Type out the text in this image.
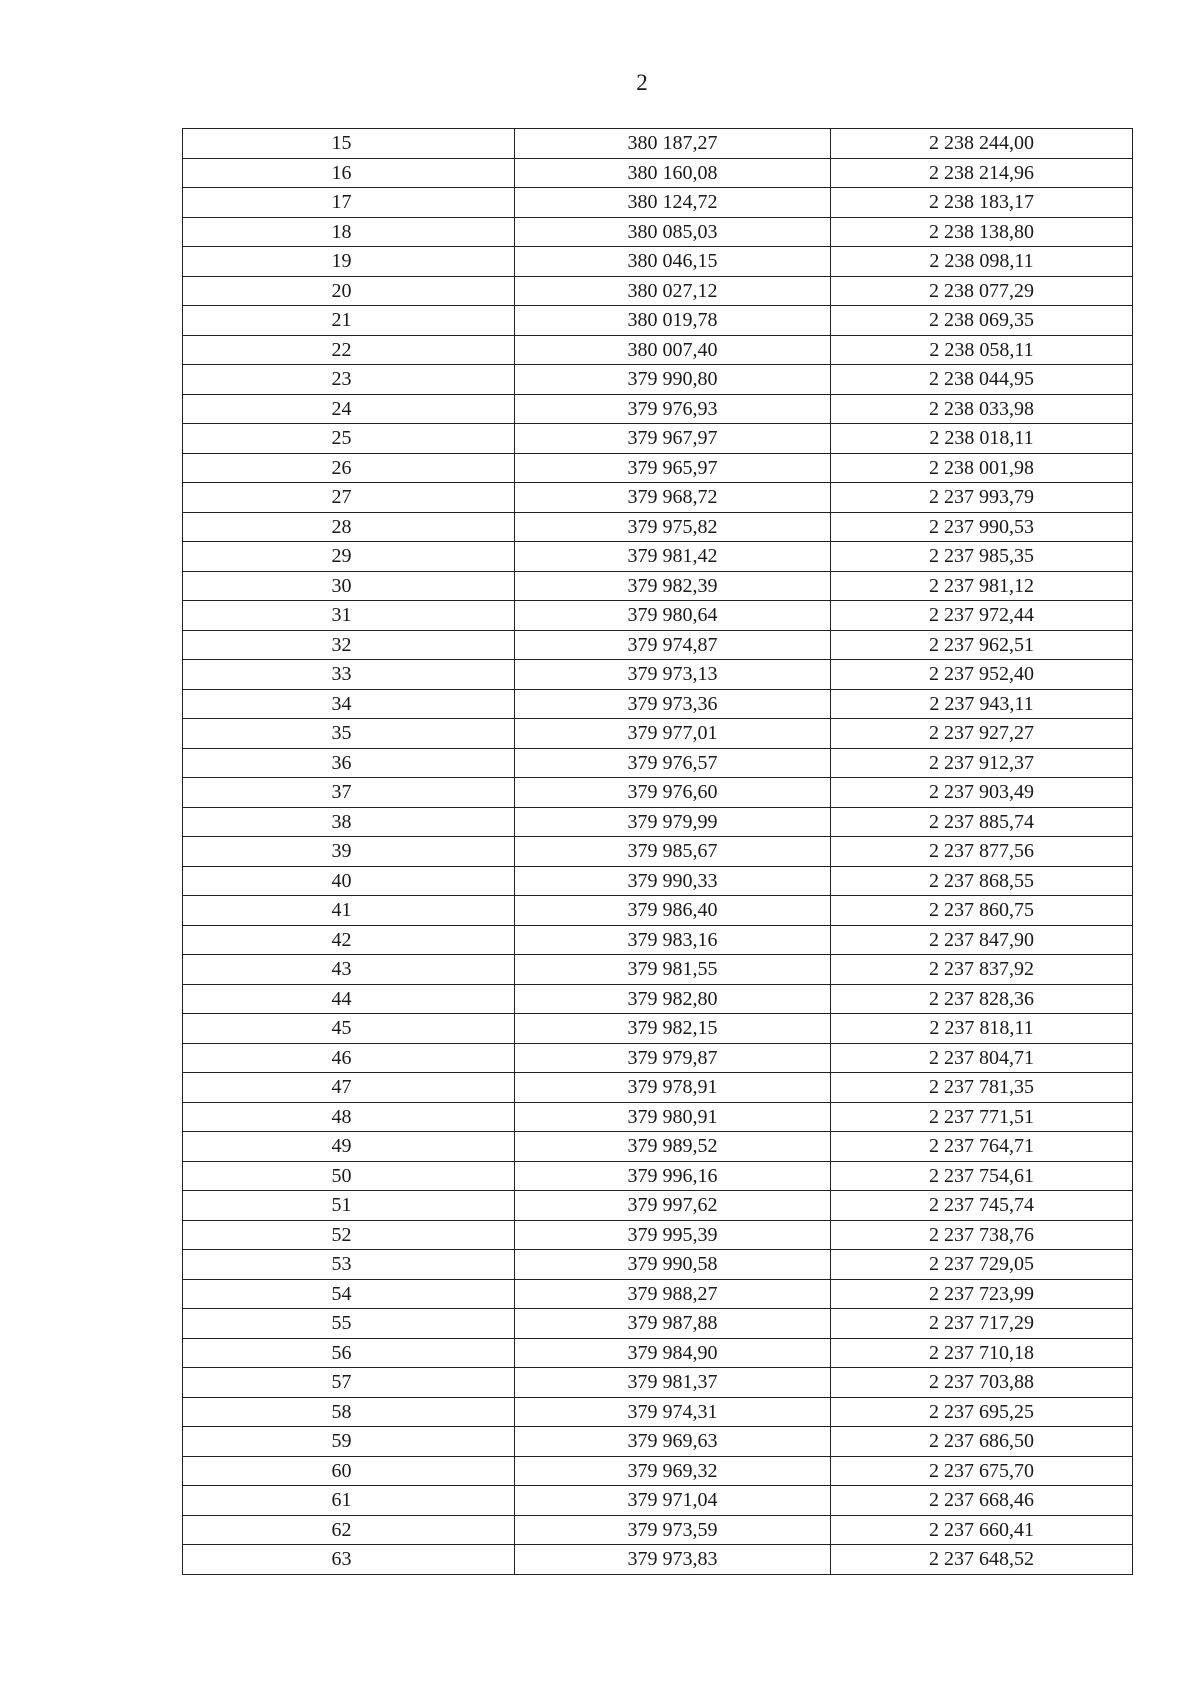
2
15	380 187,27	2 238 244,00
16	380 160,08	2 238 214,96
17	380 124,72	2 238 183,17
18	380 085,03	2 238 138,80
19	380 046,15	2 238 098,11
20	380 027,12	2 238 077,29
21	380 019,78	2 238 069,35
22	380 007,40	2 238 058,11
23	379 990,80	2 238 044,95
24	379 976,93	2 238 033,98
25	379 967,97	2 238 018,11
26	379 965,97	2 238 001,98
27	379 968,72	2 237 993,79
28	379 975,82	2 237 990,53
29	379 981,42	2 237 985,35
30	379 982,39	2 237 981,12
31	379 980,64	2 237 972,44
32	379 974,87	2 237 962,51
33	379 973,13	2 237 952,40
34	379 973,36	2 237 943,11
35	379 977,01	2 237 927,27
36	379 976,57	2 237 912,37
37	379 976,60	2 237 903,49
38	379 979,99	2 237 885,74
39	379 985,67	2 237 877,56
40	379 990,33	2 237 868,55
41	379 986,40	2 237 860,75
42	379 983,16	2 237 847,90
43	379 981,55	2 237 837,92
44	379 982,80	2 237 828,36
45	379 982,15	2 237 818,11
46	379 979,87	2 237 804,71
47	379 978,91	2 237 781,35
48	379 980,91	2 237 771,51
49	379 989,52	2 237 764,71
50	379 996,16	2 237 754,61
51	379 997,62	2 237 745,74
52	379 995,39	2 237 738,76
53	379 990,58	2 237 729,05
54	379 988,27	2 237 723,99
55	379 987,88	2 237 717,29
56	379 984,90	2 237 710,18
57	379 981,37	2 237 703,88
58	379 974,31	2 237 695,25
59	379 969,63	2 237 686,50
60	379 969,32	2 237 675,70
61	379 971,04	2 237 668,46
62	379 973,59	2 237 660,41
63	379 973,83	2 237 648,52
